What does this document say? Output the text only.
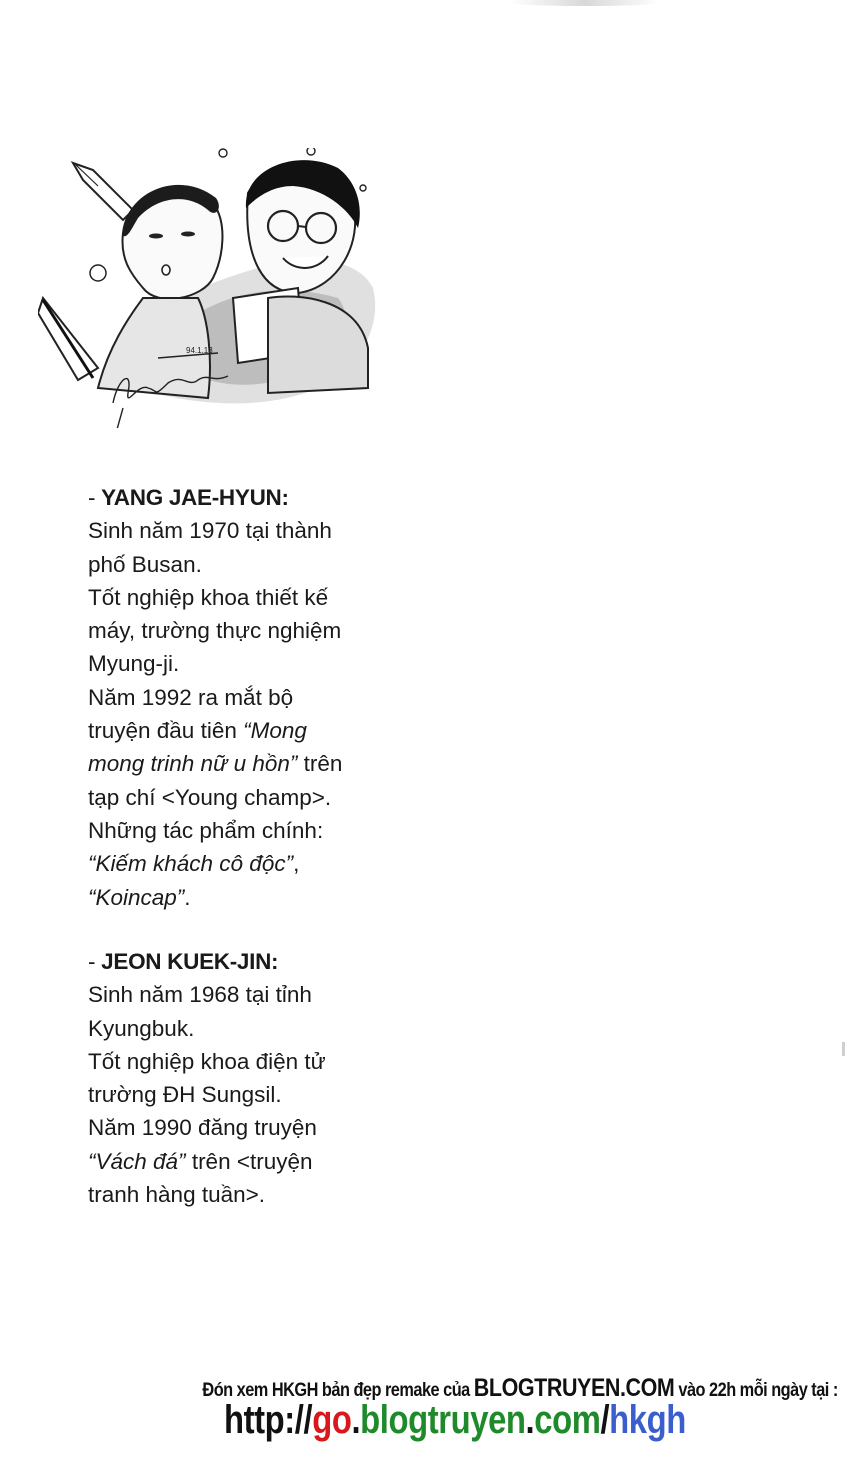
94.1.13
- YANG JAE-HYUN:
Sinh năm 1970 tại thành
phố Busan.
Tốt nghiệp khoa thiết kế
máy, trường thực nghiệm
Myung-ji.
Năm 1992 ra mắt bộ
truyện đầu tiên “Mong
mong trinh nữ u hồn” trên
tạp chí <Young champ>.
Những tác phẩm chính:
“Kiếm khách cô độc”,
“Koincap”.
- JEON KUEK-JIN:
Sinh năm 1968 tại tỉnh
Kyungbuk.
Tốt nghiệp khoa điện tử
trường ĐH Sungsil.
Năm 1990 đăng truyện
“Vách đá” trên <truyện
tranh hàng tuần>.
Đón xem HKGH bản đẹp remake của BLOGTRUYEN.COM vào 22h mỗi ngày tại :
http://go.blogtruyen.com/hkgh
